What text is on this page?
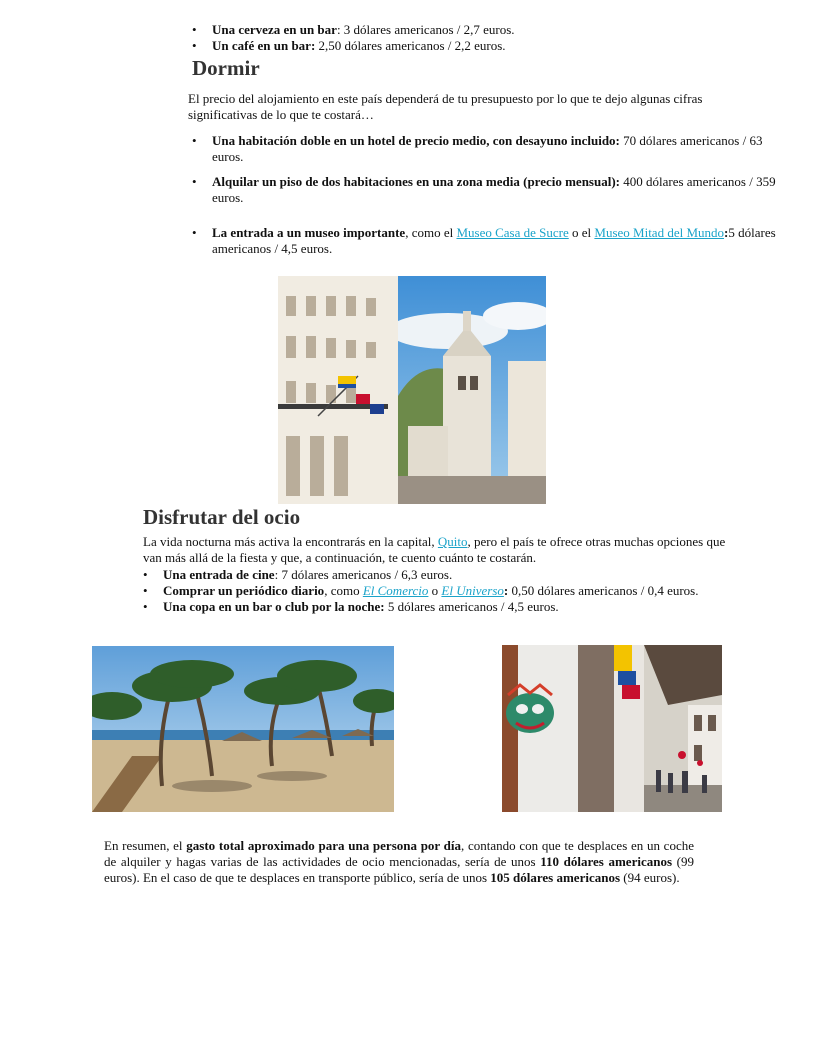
• Una cerveza en un bar: 3 dólares americanos / 2,7 euros.
• Un café en un bar: 2,50 dólares americanos / 2,2 euros.
Dormir

El precio del alojamiento en este país dependerá de tu presupuesto por lo que te dejo algunas cifras significativas de lo que te costará…

• Una habitación doble en un hotel de precio medio, con desayuno incluido: 70 dólares americanos / 63 euros.
• Alquilar un piso de dos habitaciones en una zona media (precio mensual): 400 dólares americanos / 359 euros.
• La entrada a un museo importante, como el Museo Casa de Sucre o el Museo Mitad del Mundo:5 dólares americanos / 4,5 euros.
Disfrutar del ocio

La vida nocturna más activa la encontrarás en la capital, Quito, pero el país te ofrece otras muchas opciones que van más allá de la fiesta y que, a continuación, te cuento cuánto te costarán.

• Una entrada de cine: 7 dólares americanos / 6,3 euros.
• Comprar un periódico diario, como El Comercio o El Universo: 0,50 dólares americanos / 0,4 euros.
• Una copa en un bar o club por la noche: 5 dólares americanos / 4,5 euros.

En resumen, el gasto total aproximado para una persona por día, contando con que te desplaces en un coche de alquiler y hagas varias de las actividades de ocio mencionadas, sería de unos 110 dólares americanos (99 euros). En el caso de que te desplaces en transporte público, sería de unos 105 dólares americanos (94 euros).
